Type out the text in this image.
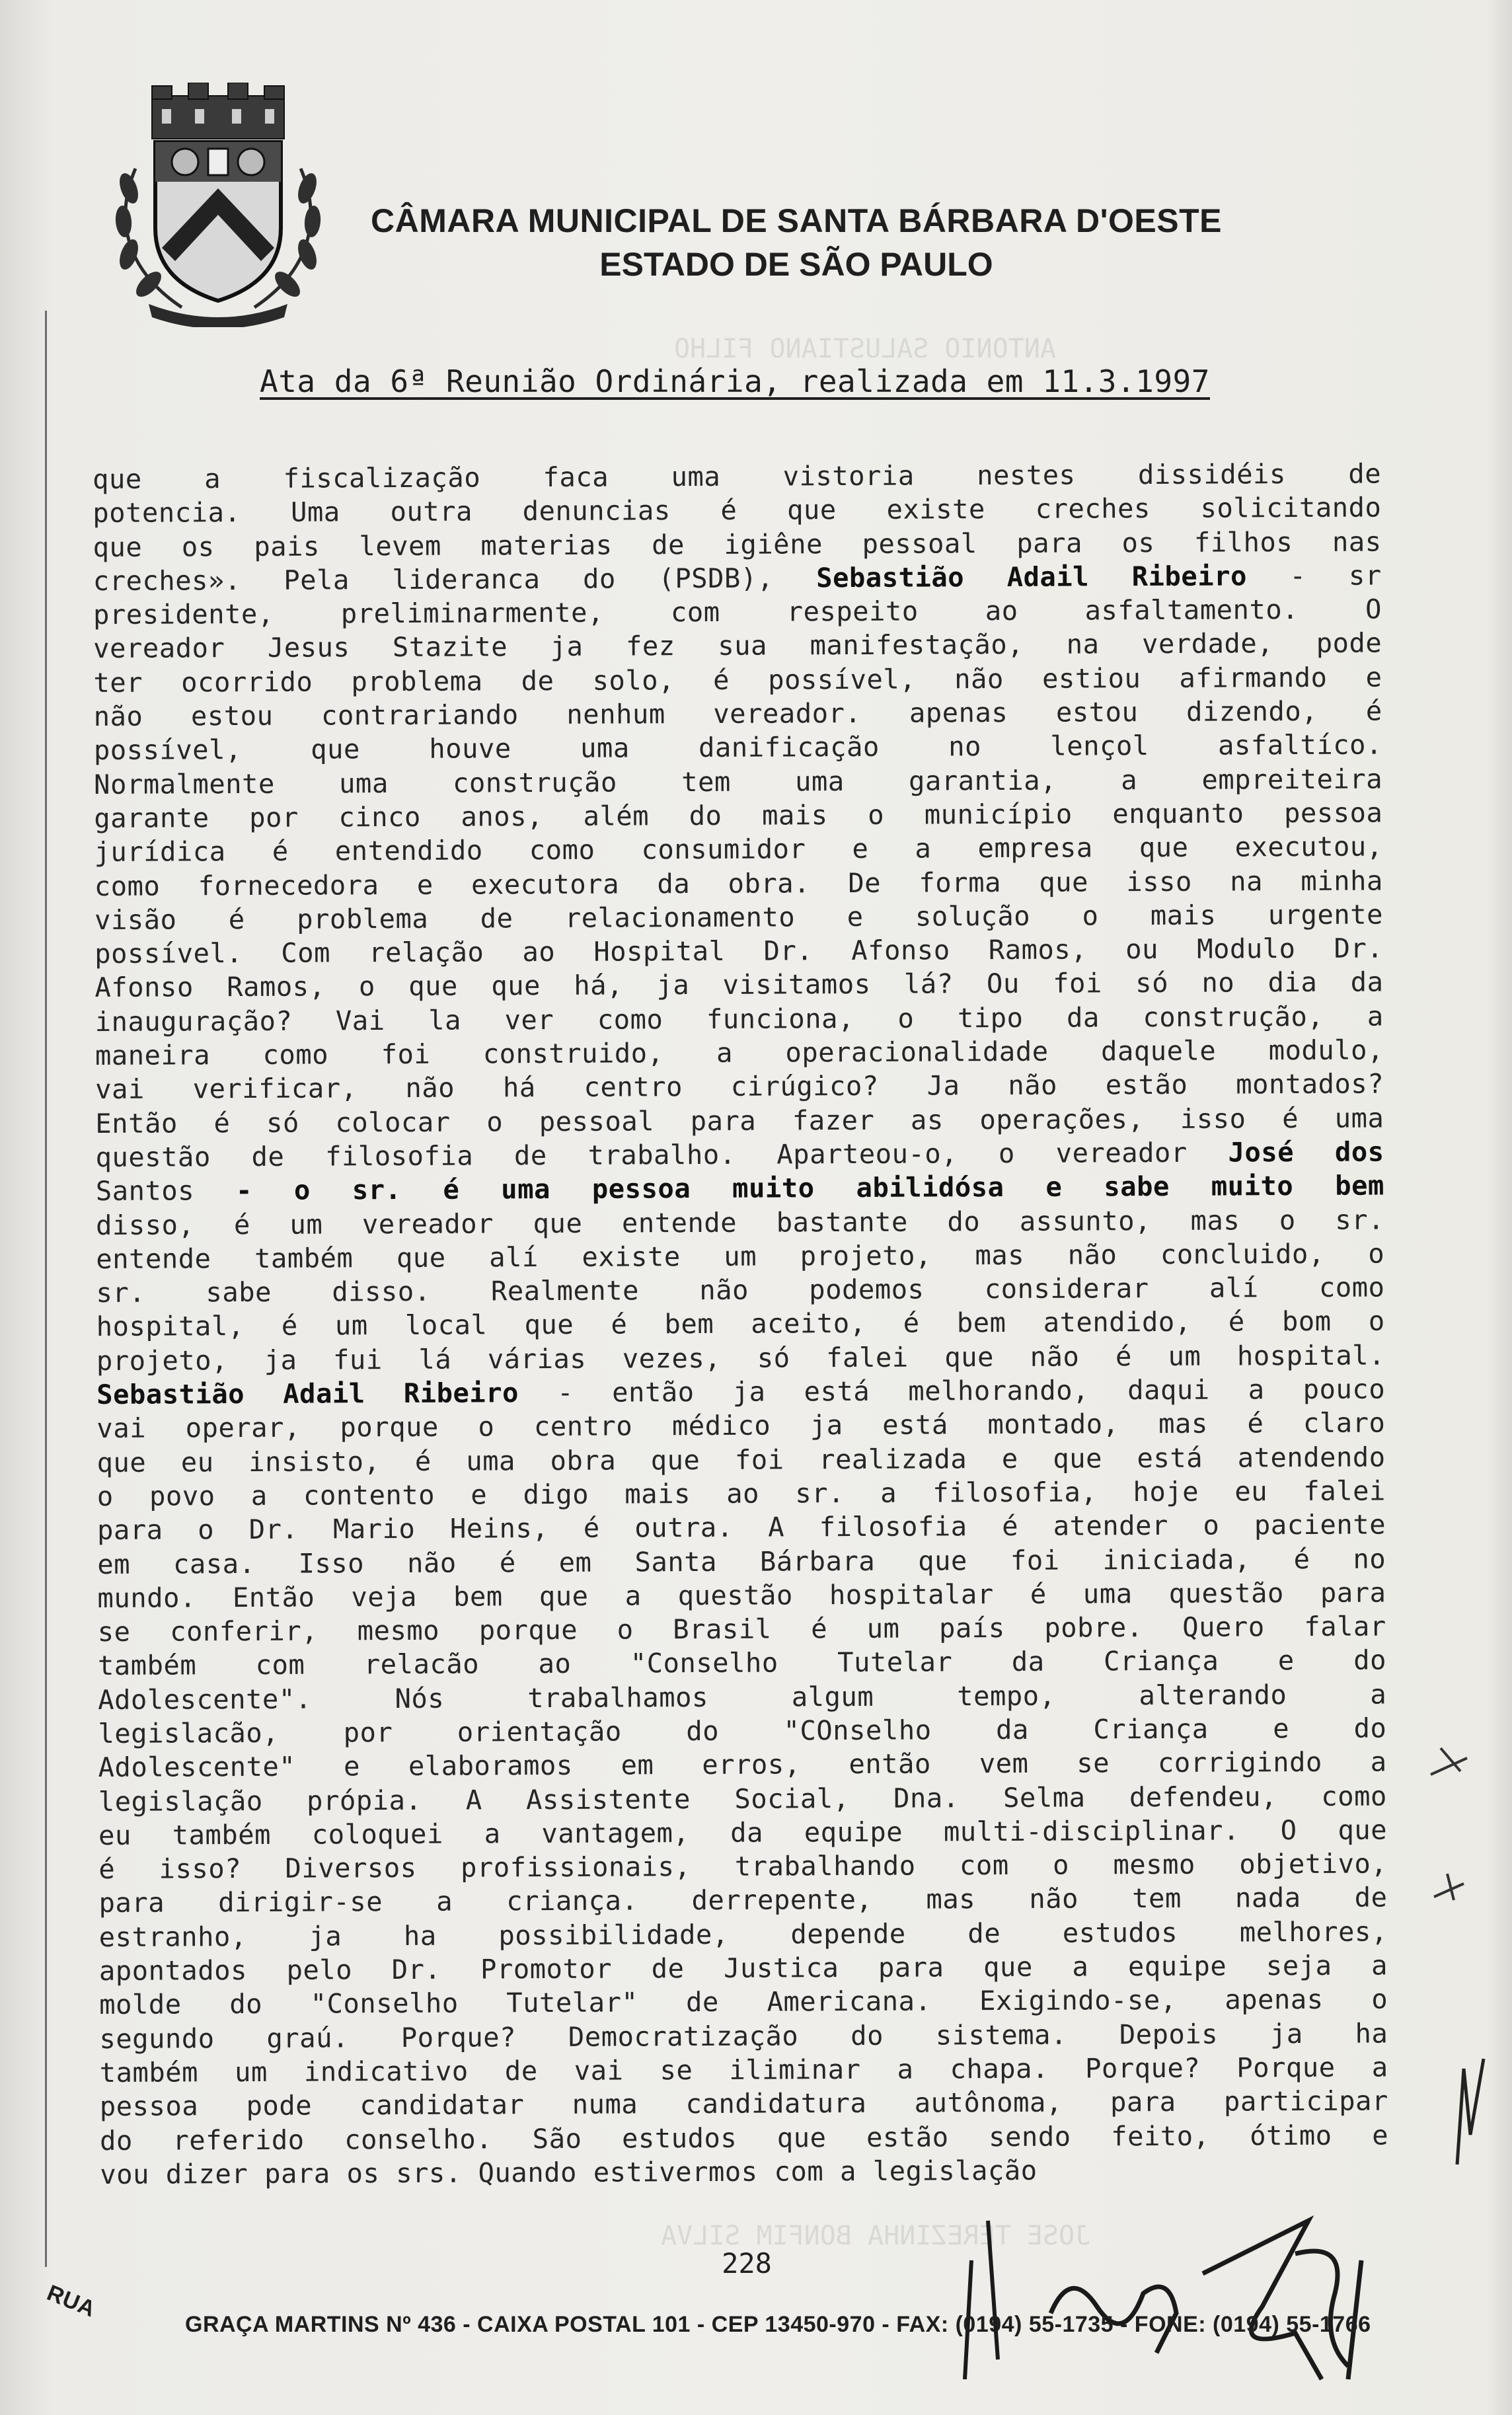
ANTONIO SALUSTIANO FILHO
JOSE TEREZINHA BONFIM SILVA
CÂMARA MUNICIPAL DE SANTA BÁRBARA D'OESTE
ESTADO DE SÃO PAULO
Ata da 6ª Reunião Ordinária, realizada em 11.3.1997
que a fiscalização faca uma vistoria nestes dissidéis de
potencia. Uma outra denuncias é que existe creches solicitando
que os pais levem materias de igiêne pessoal para os filhos nas
creches». Pela lideranca do (PSDB), Sebastião Adail Ribeiro - sr
presidente, preliminarmente, com respeito ao asfaltamento. O
vereador Jesus Stazite ja fez sua manifestação, na verdade, pode
ter ocorrido problema de solo, é possível, não estiou afirmando e
não estou contrariando nenhum vereador. apenas estou dizendo, é
possível, que houve uma danificação no lençol asfaltíco.
Normalmente uma construção tem uma garantia, a empreiteira
garante por cinco anos, além do mais o município enquanto pessoa
jurídica é entendido como consumidor e a empresa que executou,
como fornecedora e executora da obra. De forma que isso na minha
visão é problema de relacionamento e solução o mais urgente
possível. Com relação ao Hospital Dr. Afonso Ramos, ou Modulo Dr.
Afonso Ramos, o que que há, ja visitamos lá? Ou foi só no dia da
inauguração? Vai la ver como funciona, o tipo da construção, a
maneira como foi construido, a operacionalidade daquele modulo,
vai verificar, não há centro cirúgico? Ja não estão montados?
Então é só colocar o pessoal para fazer as operações, isso é uma
questão de filosofia de trabalho. Aparteou-o, o vereador José dos
Santos - o sr. é uma pessoa muito abilidósa e sabe muito bem
disso, é um vereador que entende bastante do assunto, mas o sr.
entende também que alí existe um projeto, mas não concluido, o
sr. sabe disso. Realmente não podemos considerar alí como
hospital, é um local que é bem aceito, é bem atendido, é bom o
projeto, ja fui lá várias vezes, só falei que não é um hospital.
Sebastião Adail Ribeiro - então ja está melhorando, daqui a pouco
vai operar, porque o centro médico ja está montado, mas é claro
que eu insisto, é uma obra que foi realizada e que está atendendo
o povo a contento e digo mais ao sr. a filosofia, hoje eu falei
para o Dr. Mario Heins, é outra. A filosofia é atender o paciente
em casa. Isso não é em Santa Bárbara que foi iniciada, é no
mundo. Então veja bem que a questão hospitalar é uma questão para
se conferir, mesmo porque o Brasil é um país pobre. Quero falar
também com relacão ao "Conselho Tutelar da Criança e do
Adolescente". Nós trabalhamos algum tempo, alterando a
legislacão, por orientação do "COnselho da Criança e do
Adolescente" e elaboramos em erros, então vem se corrigindo a
legislação própia. A Assistente Social, Dna. Selma defendeu, como
eu também coloquei a vantagem, da equipe multi-disciplinar. O que
é isso? Diversos profissionais, trabalhando com o mesmo objetivo,
para dirigir-se a criança. derrepente, mas não tem nada de
estranho, ja ha possibilidade, depende de estudos melhores,
apontados pelo Dr. Promotor de Justica para que a equipe seja a
molde do "Conselho Tutelar" de Americana. Exigindo-se, apenas o
segundo graú. Porque? Democratização do sistema. Depois ja ha
também um indicativo de vai se iliminar a chapa. Porque? Porque a
pessoa pode candidatar numa candidatura autônoma, para participar
do referido conselho. São estudos que estão sendo feito, ótimo e
vou dizer para os srs. Quando estivermos com a legislação
228
RUA
GRAÇA MARTINS Nº 436 - CAIXA POSTAL 101 - CEP 13450-970 - FAX: (0194) 55-1735 - FONE: (0194) 55-1766
